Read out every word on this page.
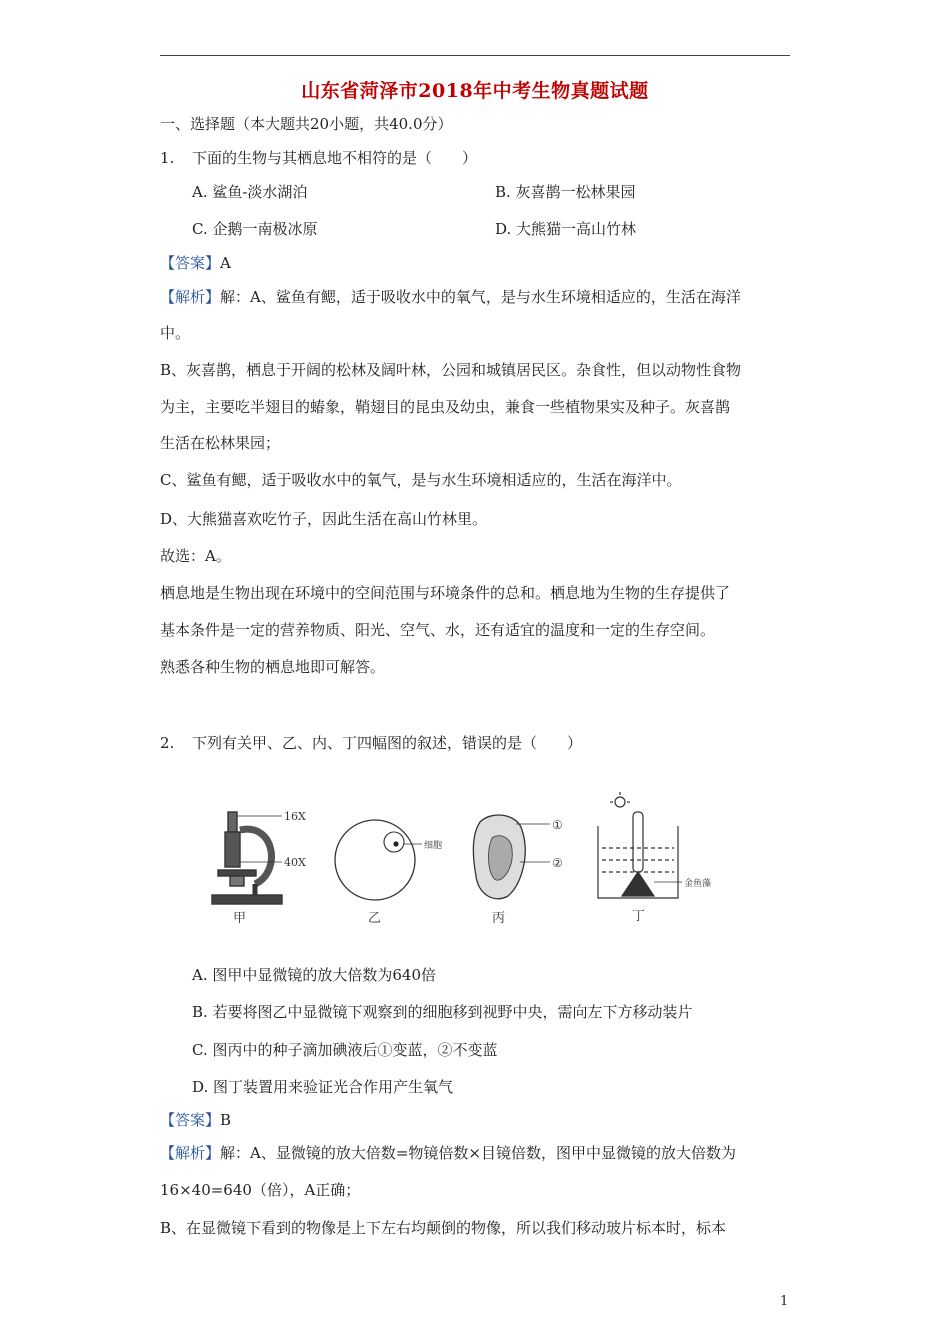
山东省菏泽市2018年中考生物真题试题
一、选择题（本大题共20小题，共40.0分）
1. 下面的生物与其栖息地不相符的是（　　）
A. 鲨鱼-淡水湖泊	B. 灰喜鹊一松林果园
C. 企鹅一南极冰原	D. 大熊猫一高山竹林
【答案】A
【解析】解：A、鲨鱼有鳃，适于吸收水中的氧气，是与水生环境相适应的，生活在海洋
中。
B、灰喜鹊，栖息于开阔的松林及阔叶林，公园和城镇居民区。杂食性，但以动物性食物
为主，主要吃半翅目的蝽象，鞘翅目的昆虫及幼虫，兼食一些植物果实及种子。灰喜鹊
生活在松林果园；
C、鲨鱼有鳃，适于吸收水中的氧气，是与水生环境相适应的，生活在海洋中。
D、大熊猫喜欢吃竹子，因此生活在高山竹林里。
故选：A。
栖息地是生物出现在环境中的空间范围与环境条件的总和。栖息地为生物的生存提供了
基本条件是一定的营养物质、阳光、空气、水，还有适宜的温度和一定的生存空间。
熟悉各种生物的栖息地即可解答。
2. 下列有关甲、乙、内、丁四幅图的叙述，错误的是（　　）
16X
40X
甲
细胞
乙
①
②
丙
金鱼藻
丁
A. 图甲中显微镜的放大倍数为640倍
B. 若要将图乙中显微镜下观察到的细胞移到视野中央，需向左下方移动装片
C. 图丙中的种子滴加碘液后①变蓝，②不变蓝
D. 图丁装置用来验证光合作用产生氧气
【答案】B
【解析】解：A、显微镜的放大倍数=物镜倍数×目镜倍数，图甲中显微镜的放大倍数为
16×40=640（倍），A正确；
B、在显微镜下看到的物像是上下左右均颠倒的物像，所以我们移动玻片标本时，标本
1
